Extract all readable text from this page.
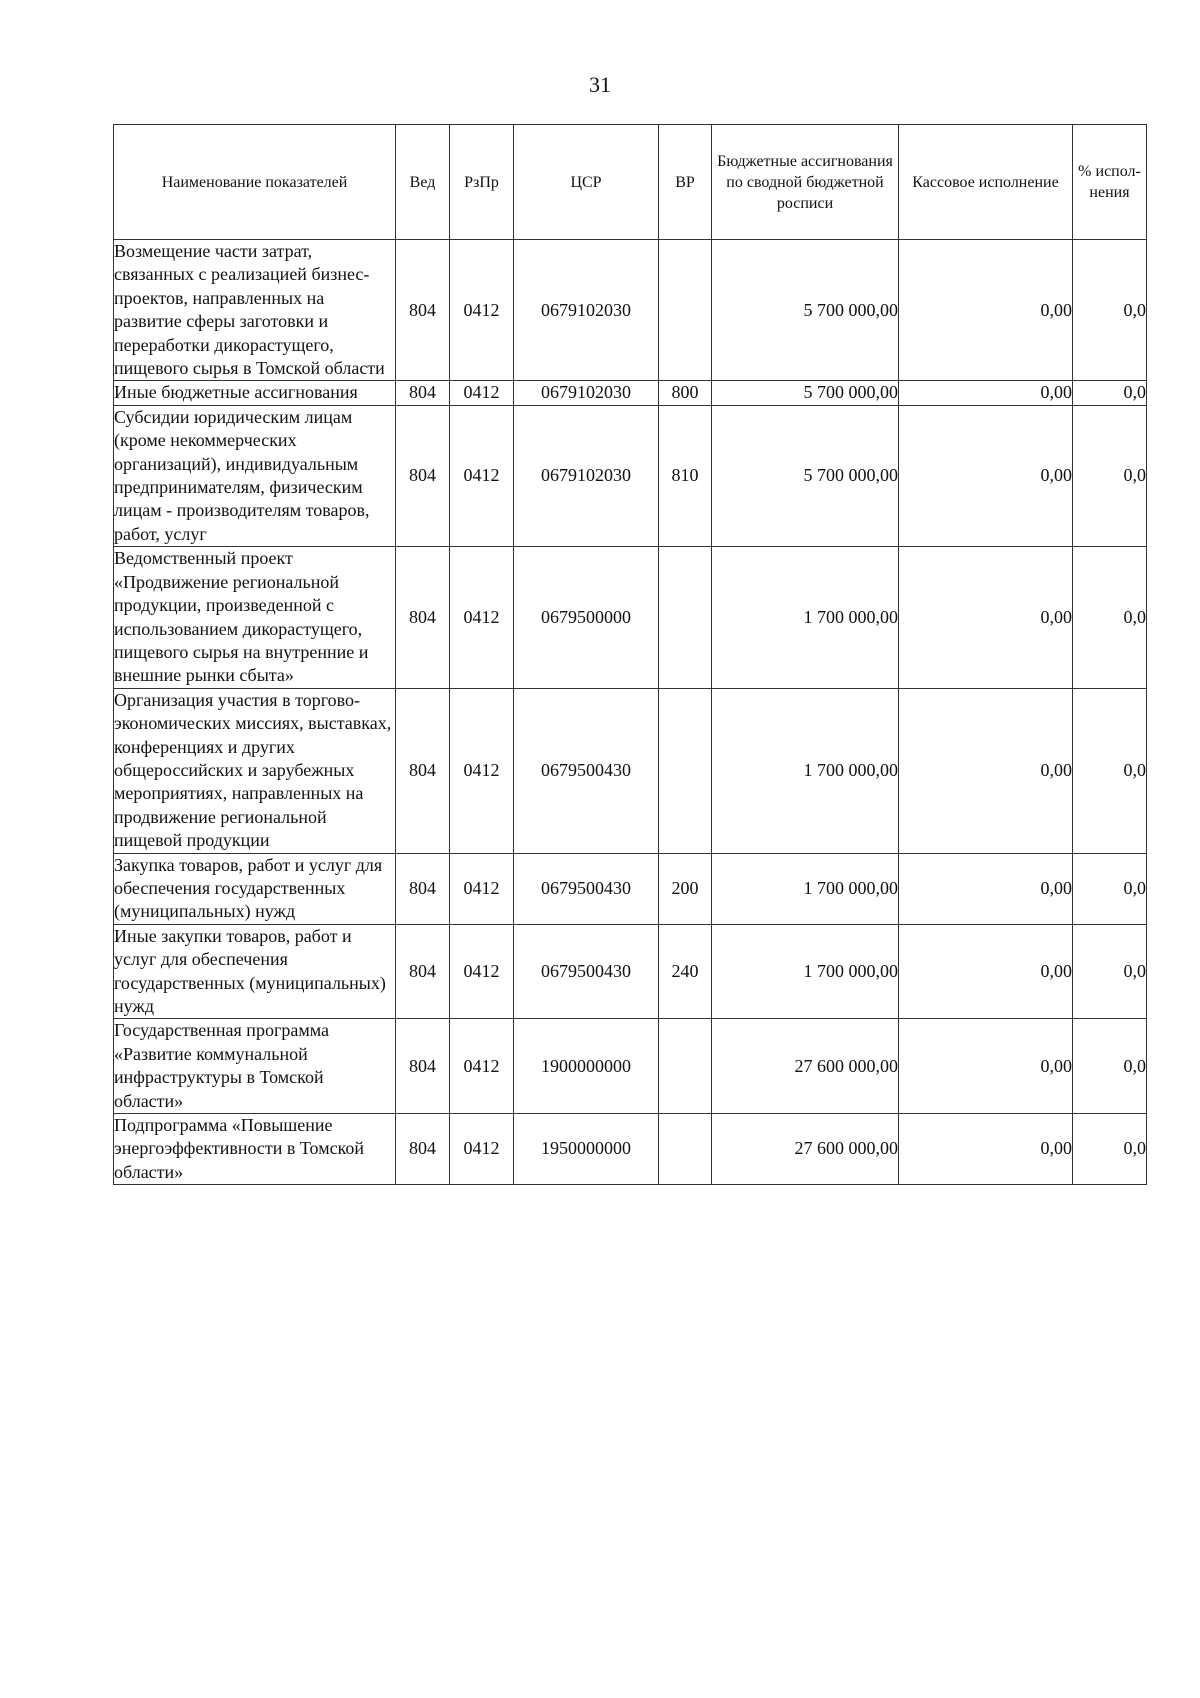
31
Наименование показателей	Вед	РзПр	ЦСР	ВР	Бюджетные ассигнования по сводной бюджетной росписи	Кассовое исполнение	% испол-нения
Возмещение части затрат, связанных с реализацией бизнес-проектов, направленных на развитие сферы заготовки и переработки дикорастущего, пищевого сырья в Томской области	804	0412	0679102030		5 700 000,00	0,00	0,0
Иные бюджетные ассигнования	804	0412	0679102030	800	5 700 000,00	0,00	0,0
Субсидии юридическим лицам (кроме некоммерческих организаций), индивидуальным предпринимателям, физическим лицам - производителям товаров, работ, услуг	804	0412	0679102030	810	5 700 000,00	0,00	0,0
Ведомственный проект «Продвижение региональной продукции, произведенной с использованием дикорастущего, пищевого сырья на внутренние и внешние рынки сбыта»	804	0412	0679500000		1 700 000,00	0,00	0,0
Организация участия в торгово-экономических миссиях, выставках, конференциях и других общероссийских и зарубежных мероприятиях, направленных на продвижение региональной пищевой продукции	804	0412	0679500430		1 700 000,00	0,00	0,0
Закупка товаров, работ и услуг для обеспечения государственных (муниципальных) нужд	804	0412	0679500430	200	1 700 000,00	0,00	0,0
Иные закупки товаров, работ и услуг для обеспечения государственных (муниципальных) нужд	804	0412	0679500430	240	1 700 000,00	0,00	0,0
Государственная программа «Развитие коммунальной инфраструктуры в Томской области»	804	0412	1900000000		27 600 000,00	0,00	0,0
Подпрограмма «Повышение энергоэффективности в Томской области»	804	0412	1950000000		27 600 000,00	0,00	0,0
